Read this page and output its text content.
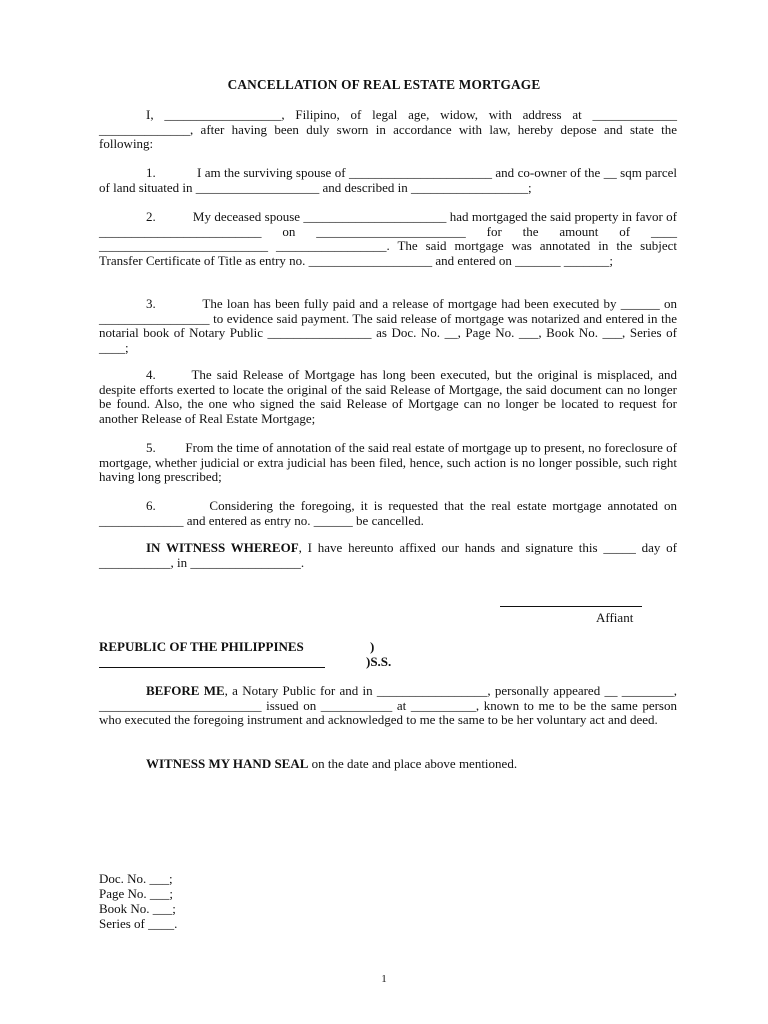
CANCELLATION OF REAL ESTATE MORTGAGE
I, __________________, Filipino, of legal age, widow, with address at _____________ ______________, after having been duly sworn in accordance with law, hereby depose and state the following:
1.	I am the surviving spouse of ______________________ and co-owner of the __ sqm parcel of land situated in ___________________ and described in __________________;
2.	My deceased spouse ______________________ had mortgaged the said property in favor of _________________________ on _______________________ for the amount of ____ __________________________ _________________. The said mortgage was annotated in the subject Transfer Certificate of Title as entry no. ___________________ and entered on _______ _______;
3.	The loan has been fully paid and a release of mortgage had been executed by ______ on _________________ to evidence said payment. The said release of mortgage was notarized and entered in the notarial book of Notary Public ________________ as Doc. No. __, Page No. ___, Book No. ___, Series of ____;
4.	The said Release of Mortgage has long been executed, but the original is misplaced, and despite efforts exerted to locate the original of the said Release of Mortgage, the said document can no longer be found. Also, the one who signed the said Release of Mortgage can no longer be located to request for another Release of Real Estate Mortgage;
5. From the time of annotation of the said real estate of mortgage up to present, no foreclosure of mortgage, whether judicial or extra judicial has been filed, hence, such action is no longer possible, such right having long prescribed;
6.	Considering the foregoing, it is requested that the real estate mortgage annotated on _____________ and entered as entry no. ______ be cancelled.
IN WITNESS WHEREOF, I have hereunto affixed our hands and signature this _____ day of ___________, in _________________.
Affiant
REPUBLIC OF THE PHILIPPINES	)
)S.S.
BEFORE ME, a Notary Public for and in _________________, personally appeared __ ________, _________________________ issued on ___________ at __________, known to me to be the same person who executed the foregoing instrument and acknowledged to me the same to be her voluntary act and deed.
WITNESS MY HAND SEAL on the date and place above mentioned.
Doc. No. ___;
Page No. ___;
Book No. ___;
Series of ____.
1
